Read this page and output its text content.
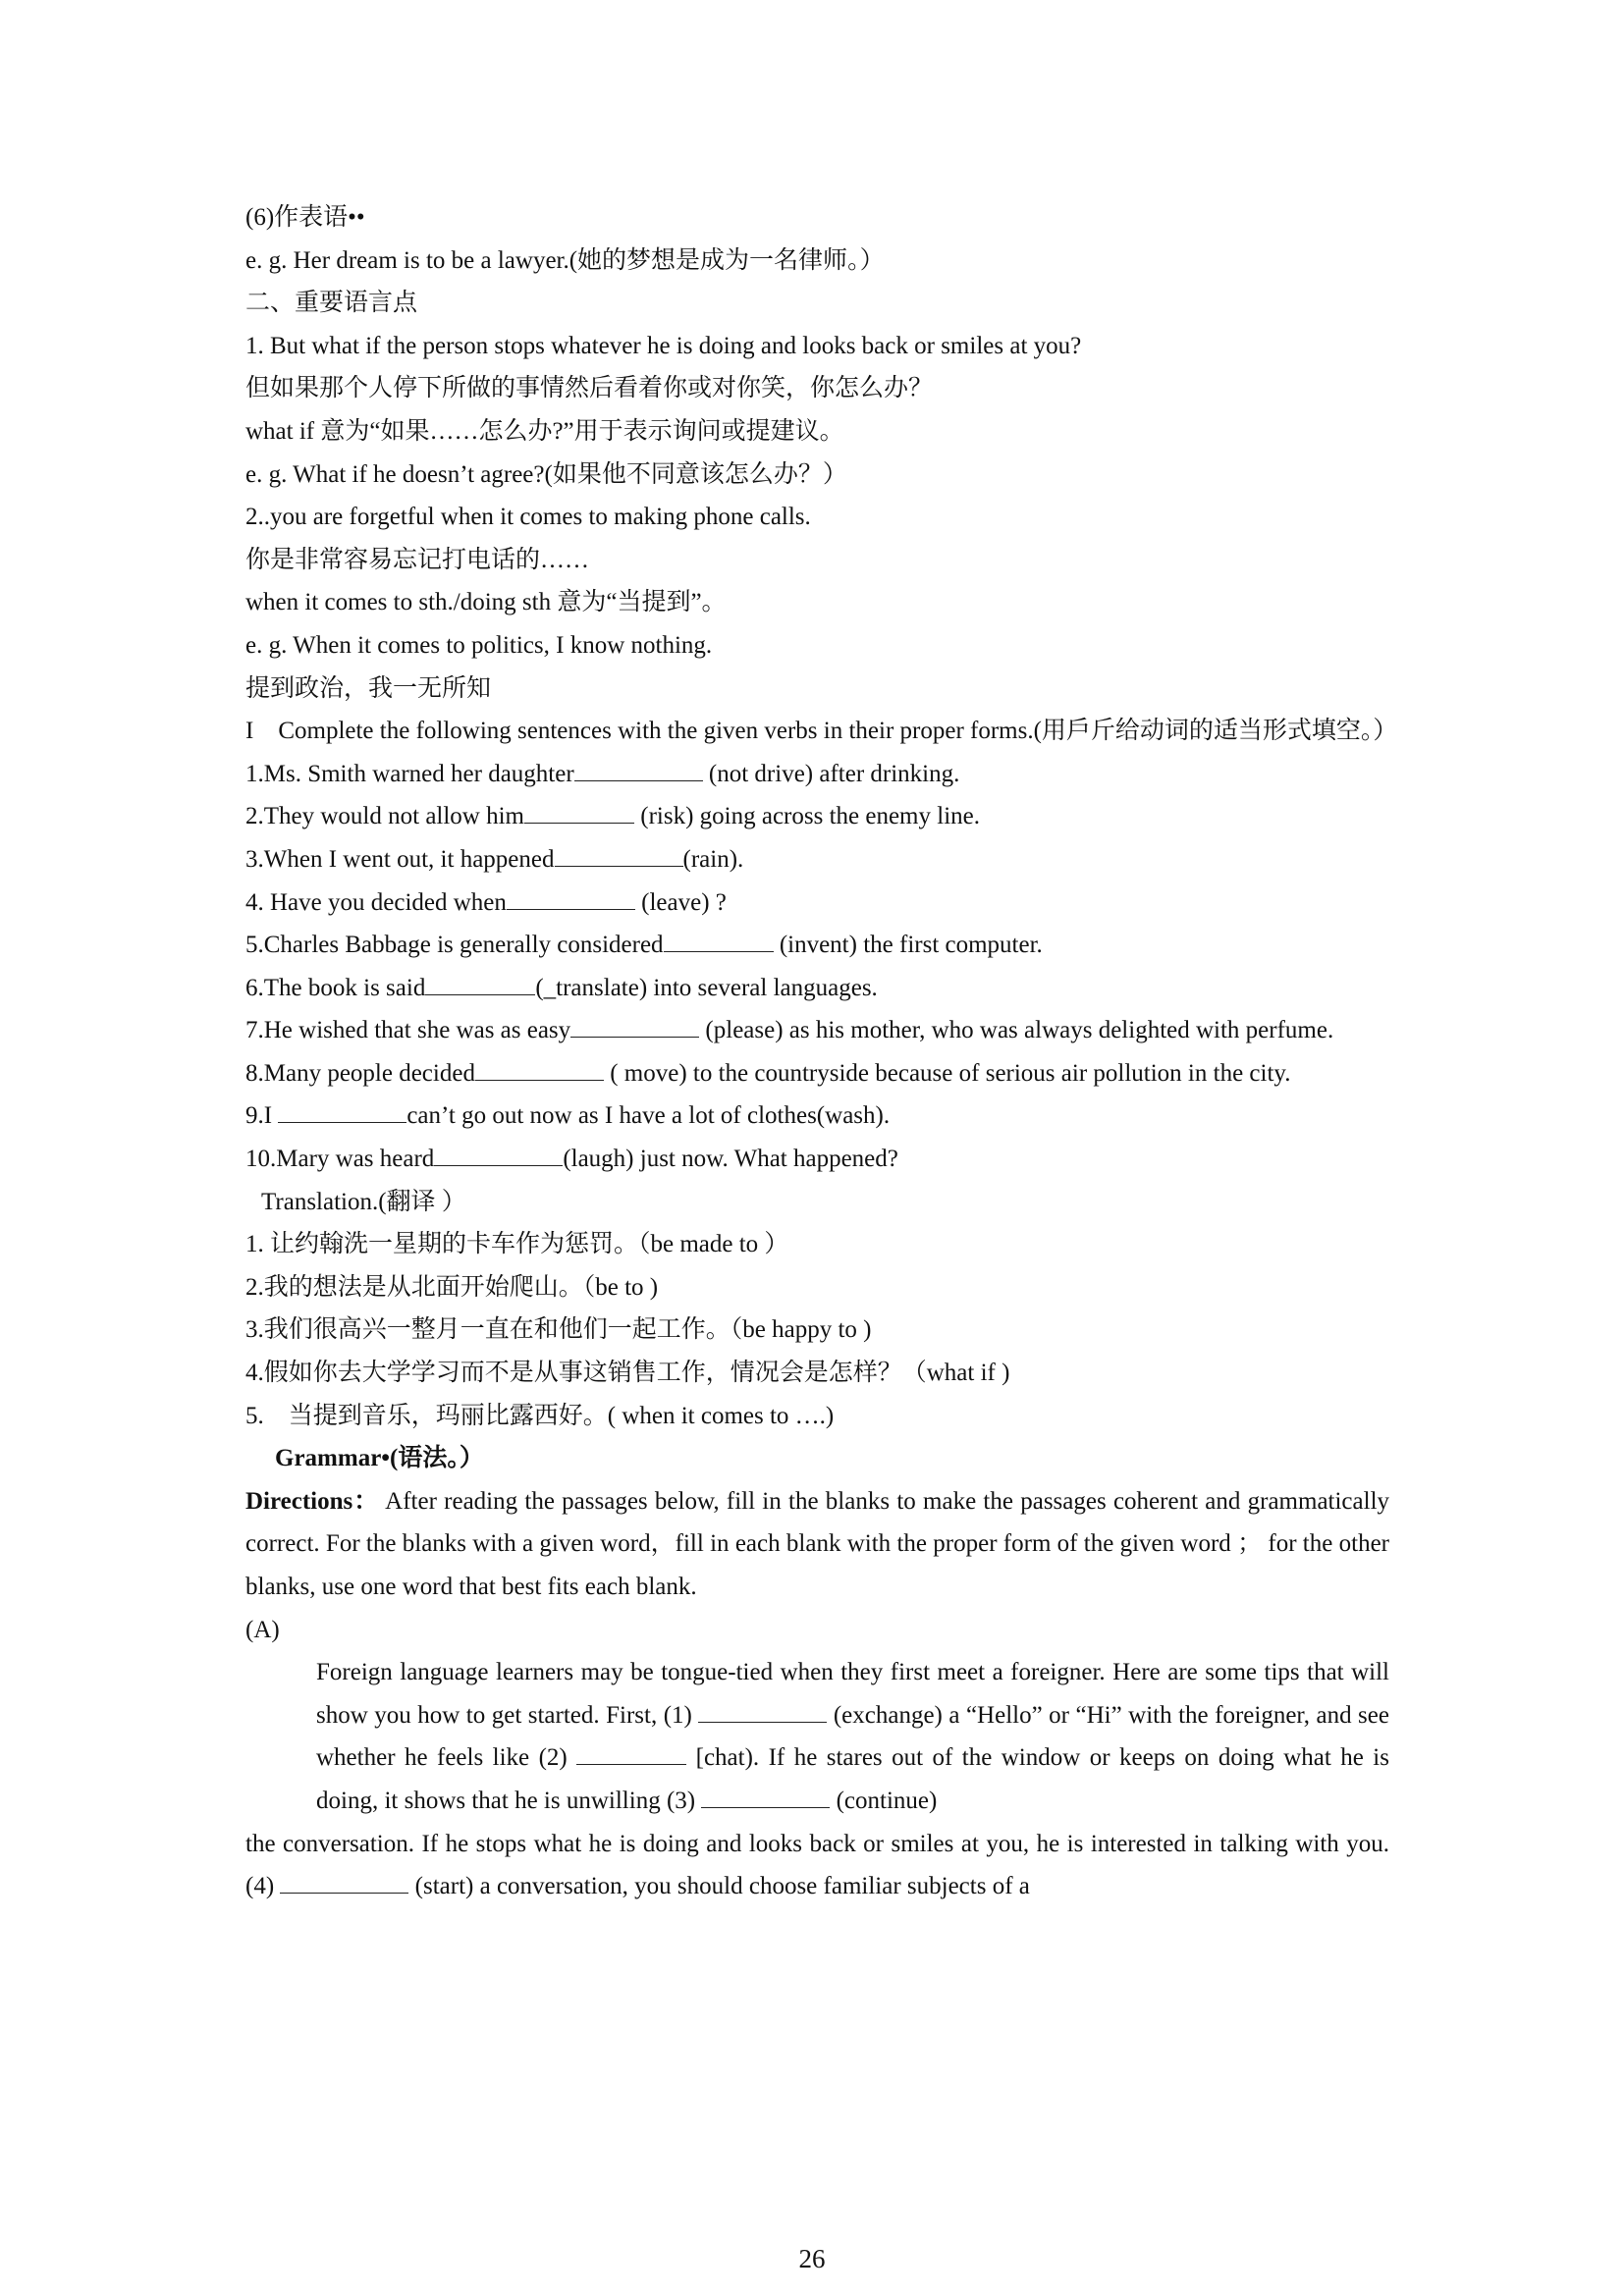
(6)作表语••
e. g. Her dream is to be a lawyer.(她的梦想是成为一名律师。）
二、重要语言点
1. But what if the person stops whatever he is doing and looks back or smiles at you?
但如果那个人停下所做的事情然后看着你或对你笑，你怎么办？
what if 意为“如果……怎么办?”用于表示询问或提建议。
e. g. What if he doesn’t agree?(如果他不同意该怎么办？）
2..you are forgetful when it comes to making phone calls.
你是非常容易忘记打电话的……
when it comes to sth./doing sth 意为“当提到”。
e. g. When it comes to politics, I know nothing.
提到政治，我一无所知
I　Complete the following sentences with the given verbs in their proper forms.(用戶斤给动词的适当形式填空。）
1.Ms. Smith warned her daughter	(not drive) after drinking.
2.They would not allow him	(risk) going across the enemy line.
3.When I went out, it happened	(rain).
4. Have you decided when	(leave) ?
5.Charles Babbage is generally considered	(invent) the first computer.
6.The book is said	(_translate) into several languages.
7.He wished that she was as easy	(please) as his mother, who was always delighted with perfume.
8.Many people decided	( move) to the countryside because of serious air pollution in the city.
9.I	can’t go out now as I have a lot of clothes(wash).
10.Mary was heard	(laugh) just now. What happened?
Translation.(翻译 ）
1. 让约翰洗一星期的卡车作为惩罚。（be made to ）
2.我的想法是从北面开始爬山。（be to )
3.我们很高兴一整月一直在和他们一起工作。（be happy to )
4.假如你去大学学习而不是从事这销售工作，情况会是怎样？（what if )
5.　当提到音乐，玛丽比露西好。( when it comes to ….)
Grammar•(语法。）
Directions： After reading the passages below, fill in the blanks to make the passages coherent and grammatically correct. For the blanks with a given word，fill in each blank with the proper form of the given word ； for the other blanks, use one word that best fits each blank.
(A)
Foreign language learners may be tongue-tied when they first meet a foreigner. Here are some tips that will show you how to get started. First, (1)	(exchange) a “Hello” or “Hi” with the foreigner, and see whether he feels like (2)	[chat). If he stares out of the window or keeps on doing what he is doing, it shows that he is unwilling (3)	(continue)
the conversation. If he stops what he is doing and looks back or smiles at you, he is interested in talking with you. (4)	(start) a conversation, you should choose familiar subjects of a
26
